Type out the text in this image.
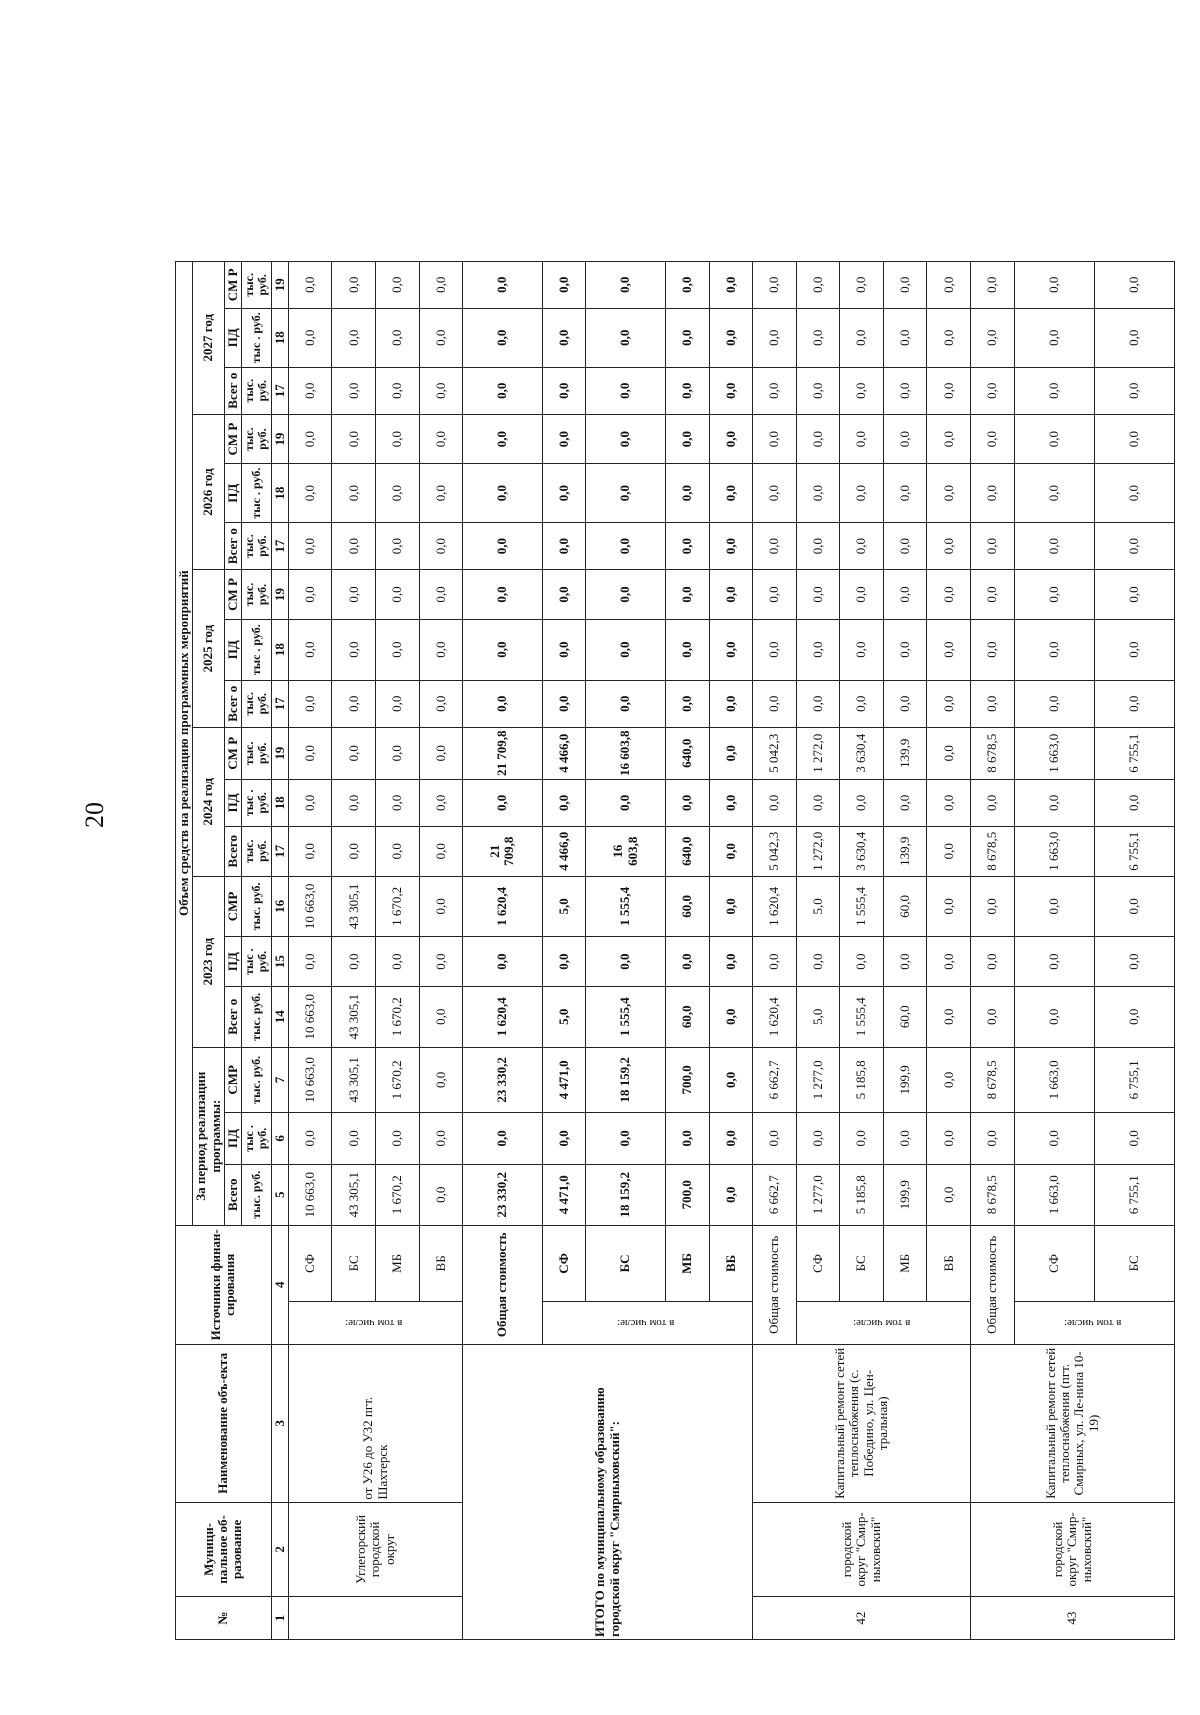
20
№	Муници-пальное об-разование	Наименование объ-екта	Источники финан-сирования		Объем средств на реализацию программных мероприятий																	
					За период реализации программы:			2023 год			2024 год			2025 год			2026 год			2027 год		
					Всего	ПД	СМР	Всег о	ПД	СМР	Всего	ПД	СМ Р	Всег о	ПД	СМ Р	Всег о	ПД	СМ Р	Всег о	ПД	СМ Р
					тыс. руб.	тыс . руб.	тыс. руб.	тыс. руб.	тыс . руб.	тыс. руб.	тыс. руб.	тыс . руб.	тыс. руб.	тыс. руб.	тыс . руб.	тыс. руб.	тыс. руб.	тыс . руб.	тыс. руб.	тыс. руб.	тыс . руб.	тыс. руб.
1	2	3	4		5	6	7	14	15	16	17	18	19	17	18	19	17	18	19	17	18	19
	Углегорский городской округ	от У26 до У32 пгт. Шахтерск	в том числе:	СФ	10 663,0	0,0	10 663,0	10 663,0	0,0	10 663,0	0,0	0,0	0,0	0,0	0,0	0,0	0,0	0,0	0,0	0,0	0,0	0,0
				БС	43 305,1	0,0	43 305,1	43 305,1	0,0	43 305,1	0,0	0,0	0,0	0,0	0,0	0,0	0,0	0,0	0,0	0,0	0,0	0,0
				МБ	1 670,2	0,0	1 670,2	1 670,2	0,0	1 670,2	0,0	0,0	0,0	0,0	0,0	0,0	0,0	0,0	0,0	0,0	0,0	0,0
				ВБ	0,0	0,0	0,0	0,0	0,0	0,0	0,0	0,0	0,0	0,0	0,0	0,0	0,0	0,0	0,0	0,0	0,0	0,0
ИТОГО по муниципальному образованию городской округ "Смирныховский":			Общая стоимость		23 330,2	0,0	23 330,2	1 620,4	0,0	1 620,4	21 709,8	0,0	21 709,8	0,0	0,0	0,0	0,0	0,0	0,0	0,0	0,0	0,0
			в том числе:	СФ	4 471,0	0,0	4 471,0	5,0	0,0	5,0	4 466,0	0,0	4 466,0	0,0	0,0	0,0	0,0	0,0	0,0	0,0	0,0	0,0
				БС	18 159,2	0,0	18 159,2	1 555,4	0,0	1 555,4	16 603,8	0,0	16 603,8	0,0	0,0	0,0	0,0	0,0	0,0	0,0	0,0	0,0
				МБ	700,0	0,0	700,0	60,0	0,0	60,0	640,0	0,0	640,0	0,0	0,0	0,0	0,0	0,0	0,0	0,0	0,0	0,0
				ВБ	0,0	0,0	0,0	0,0	0,0	0,0	0,0	0,0	0,0	0,0	0,0	0,0	0,0	0,0	0,0	0,0	0,0	0,0
42	городской округ "Смир-ныховский"	Капитальный ремонт сетей теплоснабжения (с. Победино, ул. Цен-тральная)	Общая стоимость		6 662,7	0,0	6 662,7	1 620,4	0,0	1 620,4	5 042,3	0,0	5 042,3	0,0	0,0	0,0	0,0	0,0	0,0	0,0	0,0	0,0
			в том числе:	СФ	1 277,0	0,0	1 277,0	5,0	0,0	5,0	1 272,0	0,0	1 272,0	0,0	0,0	0,0	0,0	0,0	0,0	0,0	0,0	0,0
				БС	5 185,8	0,0	5 185,8	1 555,4	0,0	1 555,4	3 630,4	0,0	3 630,4	0,0	0,0	0,0	0,0	0,0	0,0	0,0	0,0	0,0
				МБ	199,9	0,0	199,9	60,0	0,0	60,0	139,9	0,0	139,9	0,0	0,0	0,0	0,0	0,0	0,0	0,0	0,0	0,0
				ВБ	0,0	0,0	0,0	0,0	0,0	0,0	0,0	0,0	0,0	0,0	0,0	0,0	0,0	0,0	0,0	0,0	0,0	0,0
43	городской округ "Смир-ныховский"	Капитальный ремонт сетей теплоснабжения (пгт. Смирных, ул. Ле-нина 10-19)	Общая стоимость		8 678,5	0,0	8 678,5	0,0	0,0	0,0	8 678,5	0,0	8 678,5	0,0	0,0	0,0	0,0	0,0	0,0	0,0	0,0	0,0
			в том числе:	СФ	1 663,0	0,0	1 663,0	0,0	0,0	0,0	1 663,0	0,0	1 663,0	0,0	0,0	0,0	0,0	0,0	0,0	0,0	0,0	0,0
				БС	6 755,1	0,0	6 755,1	0,0	0,0	0,0	6 755,1	0,0	6 755,1	0,0	0,0	0,0	0,0	0,0	0,0	0,0	0,0	0,0
